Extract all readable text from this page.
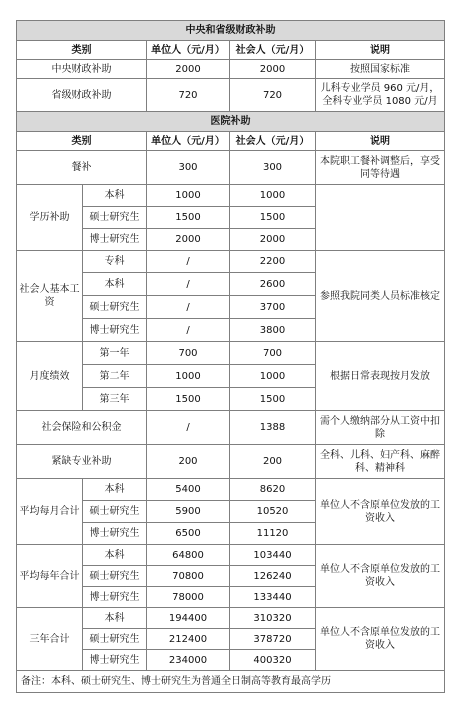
中央和省级财政补助				
类别		单位人（元/月）	社会人（元/月）	说明
中央财政补助		2000	2000	按照国家标准
省级财政补助		720	720	儿科专业学员 960 元/月，全科专业学员 1080 元/月
医院补助				
类别		单位人（元/月）	社会人（元/月）	说明
餐补		300	300	本院职工餐补调整后，享受同等待遇
学历补助	本科	1000	1000	
	硕士研究生	1500	1500	
	博士研究生	2000	2000	
社会人基本工资	专科	/	2200	参照我院同类人员标准核定
	本科	/	2600	
	硕士研究生	/	3700	
	博士研究生	/	3800	
月度绩效	第一年	700	700	根据日常表现按月发放
	第二年	1000	1000	
	第三年	1500	1500	
社会保险和公积金		/	1388	需个人缴纳部分从工资中扣除
紧缺专业补助		200	200	全科、儿科、妇产科、麻醉科、精神科
平均每月合计	本科	5400	8620	单位人不含原单位发放的工资收入
	硕士研究生	5900	10520	
	博士研究生	6500	11120	
平均每年合计	本科	64800	103440	单位人不含原单位发放的工资收入
	硕士研究生	70800	126240	
	博士研究生	78000	133440	
三年合计	本科	194400	310320	单位人不含原单位发放的工资收入
	硕士研究生	212400	378720	
	博士研究生	234000	400320	
备注：本科、硕士研究生、博士研究生为普通全日制高等教育最高学历				
